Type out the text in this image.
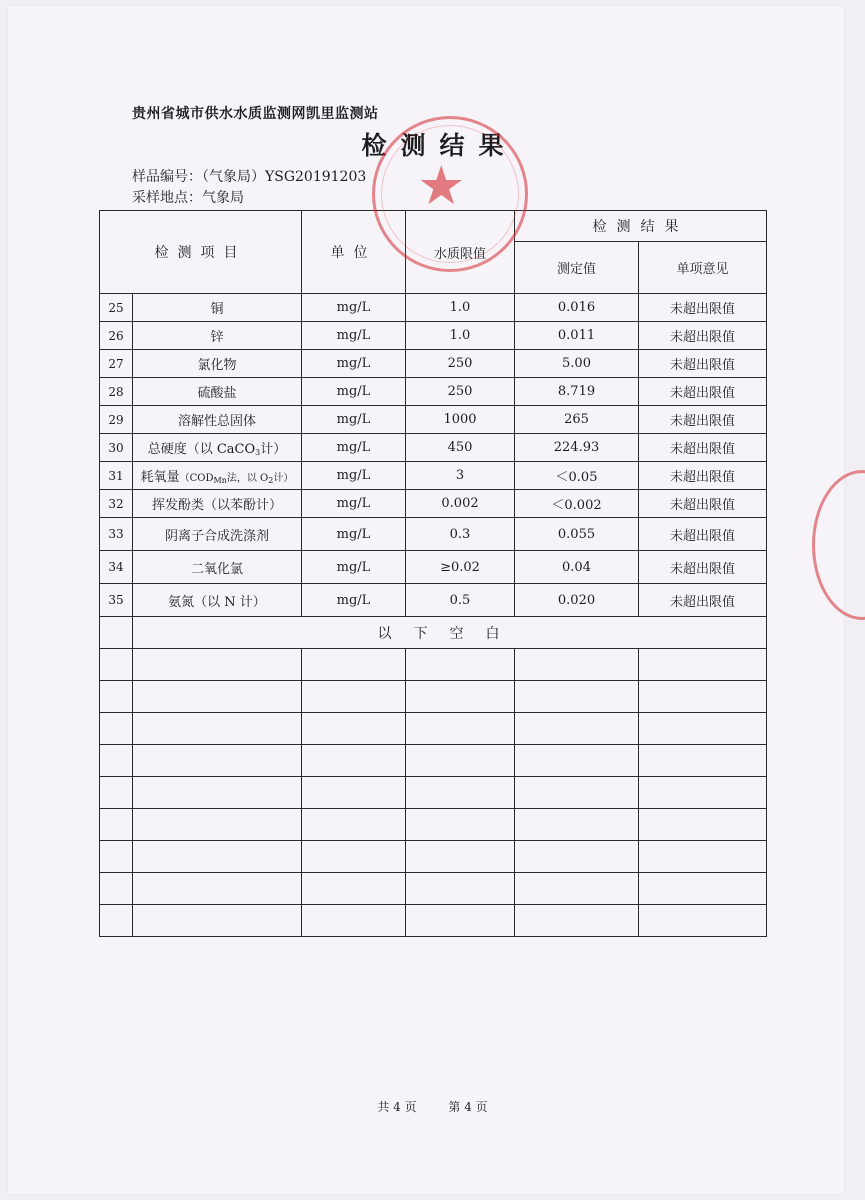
贵州省城市供水水质监测网凯里监测站
检测结果
样品编号：（气象局）YSG20191203
采样地点：气象局
检测项目		单位	水质限值	检测结果	
				测定值	单项意见
25	铜	mg/L	1.0	0.016	未超出限值
26	锌	mg/L	1.0	0.011	未超出限值
27	氯化物	mg/L	250	5.00	未超出限值
28	硫酸盐	mg/L	250	8.719	未超出限值
29	溶解性总固体	mg/L	1000	265	未超出限值
30	总硬度（以 CaCO$_3$计）	mg/L	450	224.93	未超出限值
31	耗氧量（$COD_{Mn}$法，以 $O_2$计）	mg/L	3	＜0.05	未超出限值
32	挥发酚类（以苯酚计）	mg/L	0.002	＜0.002	未超出限值
33	阴离子合成洗涤剂	mg/L	0.3	0.055	未超出限值
34	二氧化氯	mg/L	≥0.02	0.04	未超出限值
35	氨氮（以 N 计）	mg/L	0.5	0.020	未超出限值
	以下空白				

★
共 4 页	第 4 页
